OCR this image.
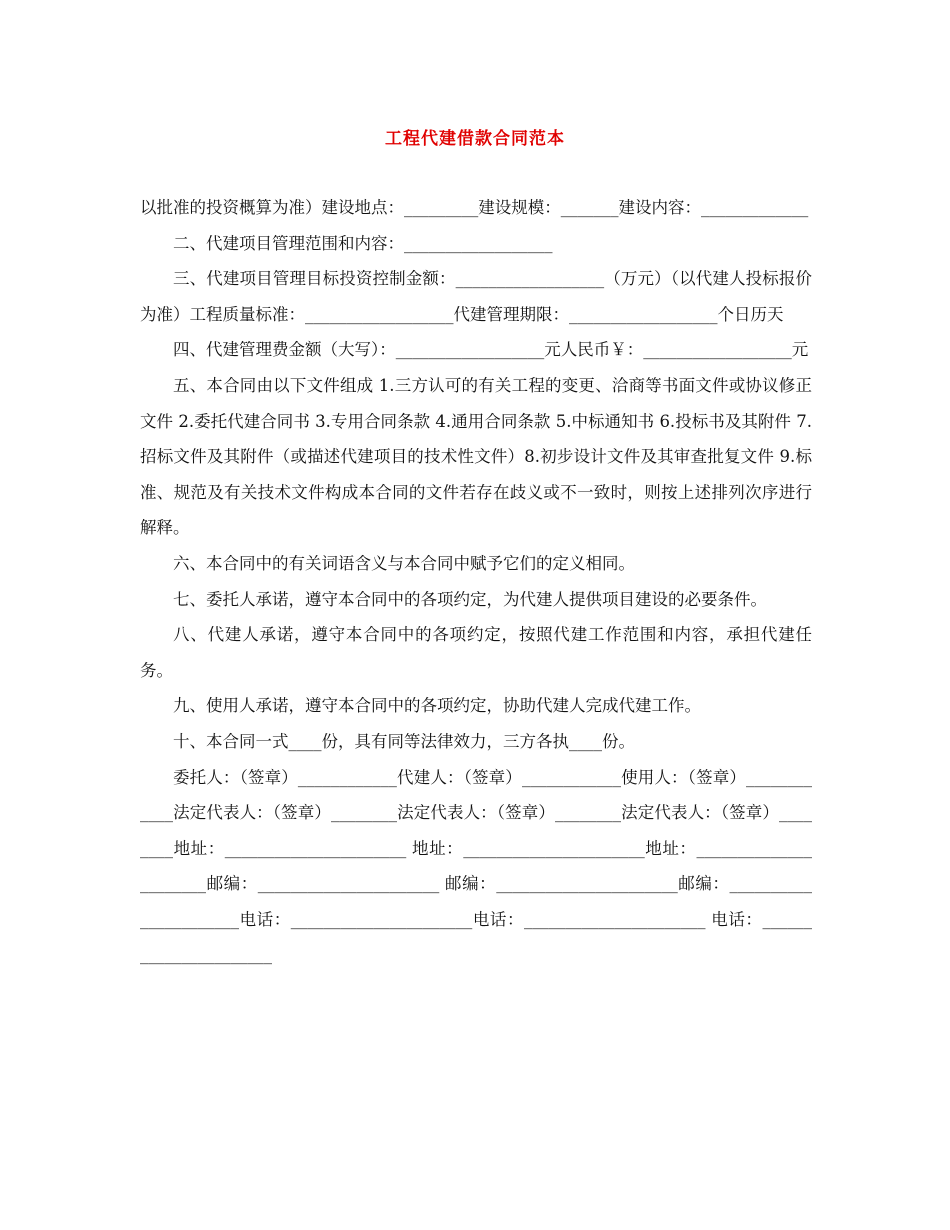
工程代建借款合同范本

以批准的投资概算为准）建设地点：_________建设规模：_______建设内容：_____________

二、代建项目管理范围和内容：__________________

三、代建项目管理目标投资控制金额：__________________（万元）（以代建人投标报价为准）工程质量标准：__________________代建管理期限：__________________个日历天

四、代建管理费金额（大写）：__________________元人民币￥：__________________元

五、本合同由以下文件组成 1.三方认可的有关工程的变更、洽商等书面文件或协议修正文件 2.委托代建合同书 3.专用合同条款 4.通用合同条款 5.中标通知书 6.投标书及其附件 7.招标文件及其附件（或描述代建项目的技术性文件）8.初步设计文件及其审查批复文件 9.标准、规范及有关技术文件构成本合同的文件若存在歧义或不一致时，则按上述排列次序进行解释。

六、本合同中的有关词语含义与本合同中赋予它们的定义相同。

七、委托人承诺，遵守本合同中的各项约定，为代建人提供项目建设的必要条件。

八、代建人承诺，遵守本合同中的各项约定，按照代建工作范围和内容，承担代建任务。

九、使用人承诺，遵守本合同中的各项约定，协助代建人完成代建工作。

十、本合同一式____份，具有同等法律效力，三方各执____份。

委托人：（签章）____________代建人：（签章）____________使用人：（签章）____________法定代表人：（签章）________法定代表人：（签章）________法定代表人：（签章）________地址：______________________ 地址：______________________地址：______________________邮编：______________________ 邮编：______________________邮编：______________________电话：______________________电话：______________________ 电话：______________________
